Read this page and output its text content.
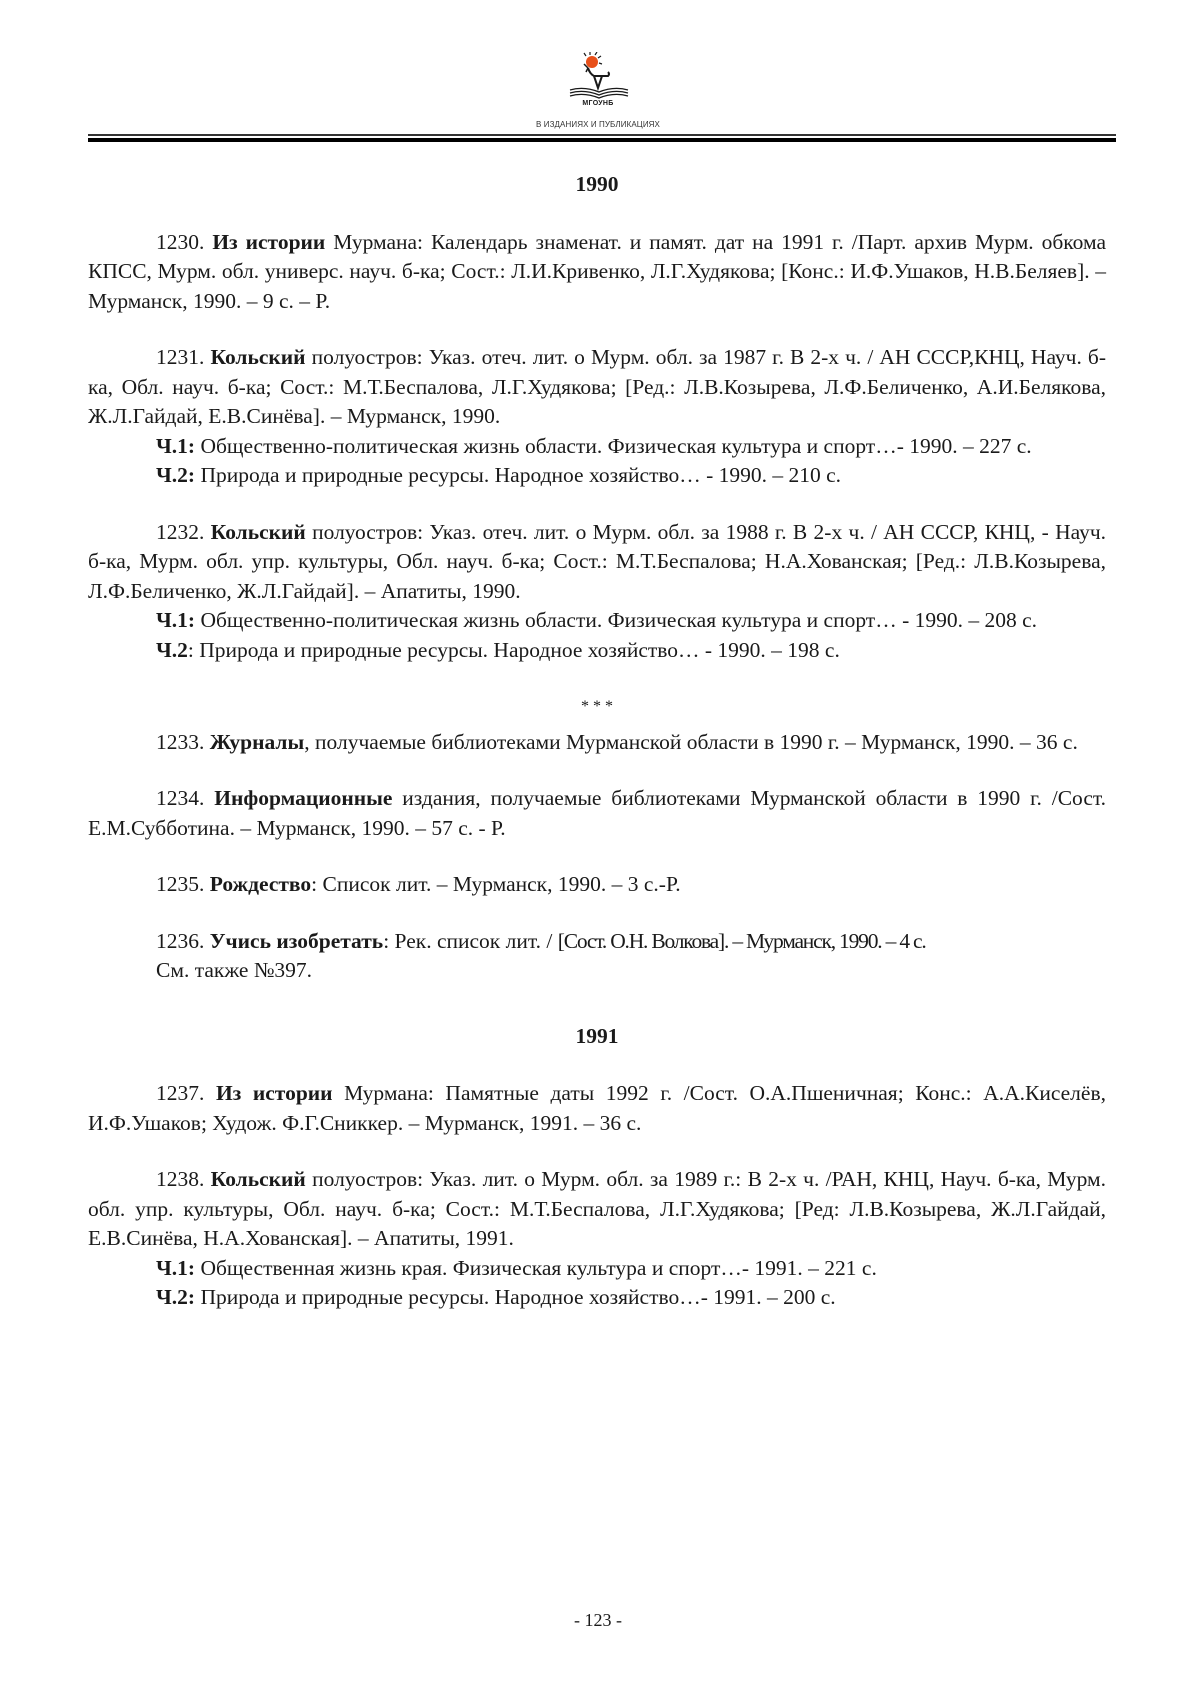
МГОУНБ
В ИЗДАНИЯХ И ПУБЛИКАЦИЯХ
1990

1230. Из истории Мурмана: Календарь знаменат. и памят. дат на 1991 г. /Парт. архив Мурм. обкома КПСС, Мурм. обл. универс. науч. б-ка; Сост.: Л.И.Кривенко, Л.Г.Худякова; [Конс.: И.Ф.Ушаков, Н.В.Беляев]. – Мурманск, 1990. – 9 с. – Р.

1231. Кольский полуостров: Указ. отеч. лит. о Мурм. обл. за 1987 г. В 2-х ч. / АН СССР,КНЦ, Науч. б-ка, Обл. науч. б-ка; Сост.: М.Т.Беспалова, Л.Г.Худякова; [Ред.: Л.В.Козырева, Л.Ф.Беличенко, А.И.Белякова, Ж.Л.Гайдай, Е.В.Синёва]. – Мурманск, 1990.

Ч.1: Общественно-политическая жизнь области. Физическая культура и спорт…- 1990. – 227 с.

Ч.2: Природа и природные ресурсы. Народное хозяйство… - 1990. – 210 с.

1232. Кольский полуостров: Указ. отеч. лит. о Мурм. обл. за 1988 г. В 2-х ч. / АН СССР, КНЦ, - Науч. б-ка, Мурм. обл. упр. культуры, Обл. науч. б-ка; Сост.: М.Т.Беспалова; Н.А.Хованская; [Ред.: Л.В.Козырева, Л.Ф.Беличенко, Ж.Л.Гайдай]. – Апатиты, 1990.

Ч.1: Общественно-политическая жизнь области. Физическая культура и спорт… - 1990. – 208 с.

Ч.2: Природа и природные ресурсы. Народное хозяйство… - 1990. – 198 с.

* * *

1233. Журналы, получаемые библиотеками Мурманской области в 1990 г. – Мурманск, 1990. – 36 с.

1234. Информационные издания, получаемые библиотеками Мурманской области в 1990 г. /Сост. Е.М.Субботина. – Мурманск, 1990. – 57 с. - Р.

1235. Рождество: Список лит. – Мурманск, 1990. – 3 с.-Р.

1236. Учись изобретать: Рек. список лит. / [Сост. О.Н. Волкова]. – Мурманск, 1990. – 4 с.

См. также №397.

1991

1237. Из истории Мурмана: Памятные даты 1992 г. /Сост. О.А.Пшеничная; Конс.: А.А.Киселёв, И.Ф.Ушаков; Худож. Ф.Г.Сниккер. – Мурманск, 1991. – 36 с.

1238. Кольский полуостров: Указ. лит. о Мурм. обл. за 1989 г.: В 2-х ч. /РАН, КНЦ, Науч. б-ка, Мурм. обл. упр. культуры, Обл. науч. б-ка; Сост.: М.Т.Беспалова, Л.Г.Худякова; [Ред: Л.В.Козырева, Ж.Л.Гайдай, Е.В.Синёва, Н.А.Хованская]. – Апатиты, 1991.

Ч.1: Общественная жизнь края. Физическая культура и спорт…- 1991. – 221 с.

Ч.2: Природа и природные ресурсы. Народное хозяйство…- 1991. – 200 с.

- 123 -
